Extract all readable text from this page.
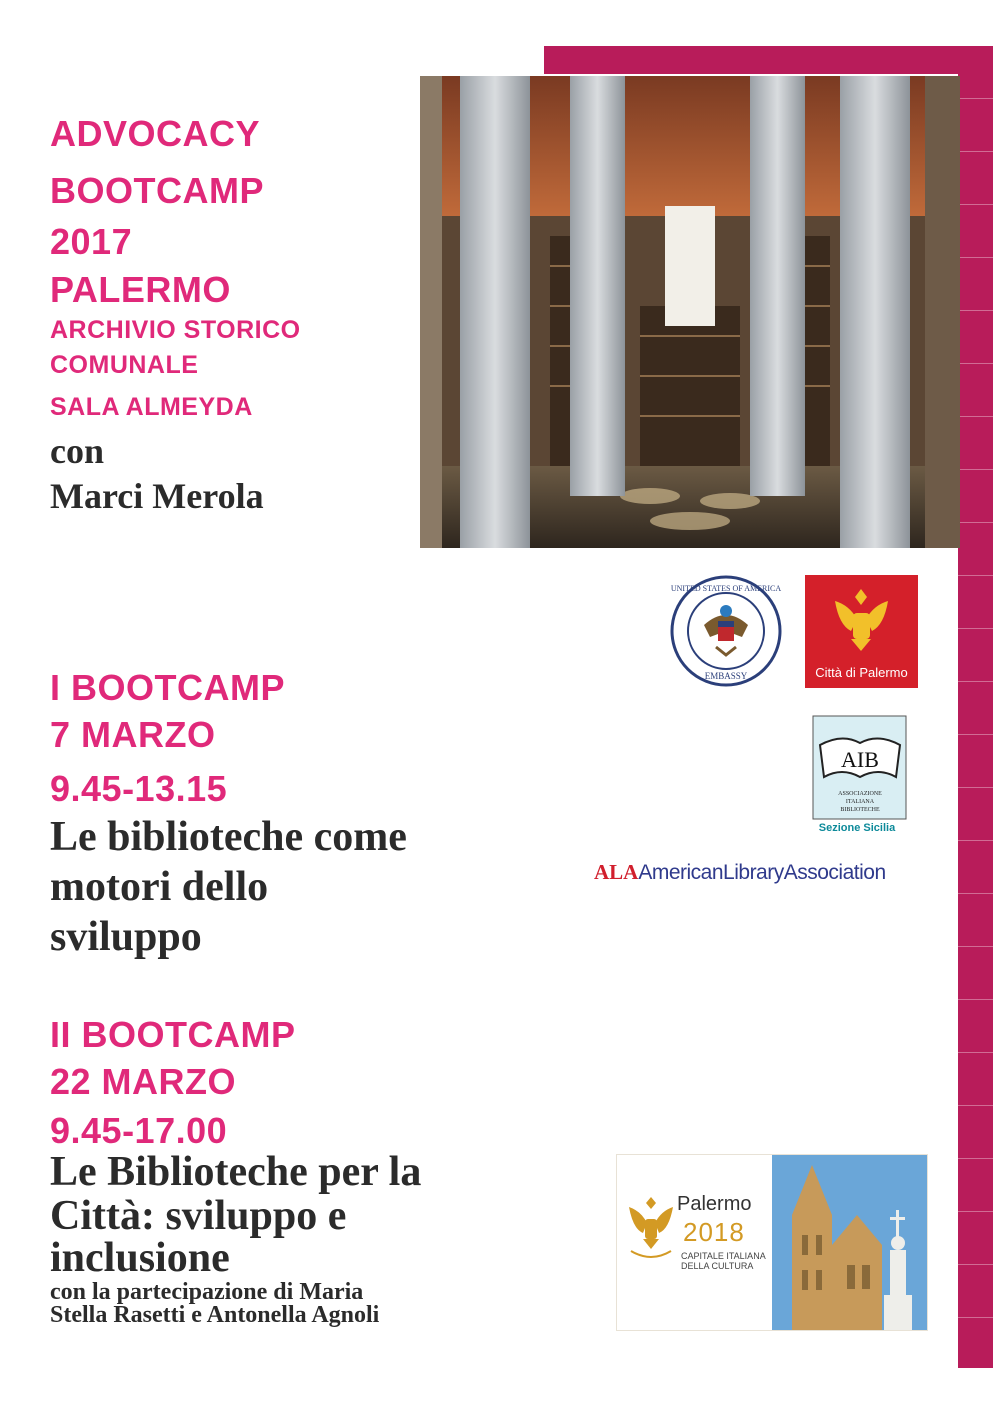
ADVOCACY
BOOTCAMP
2017
PALERMO
ARCHIVIO STORICO
COMUNALE
SALA ALMEYDA
con
Marci Merola
UNITED STATES OF AMERICA
EMBASSY	Città di Palermo
AIB
ASSOCIAZIONE
ITALIANA
BIBLIOTECHE
Sezione Sicilia
ALAAmericanLibraryAssociation
I BOOTCAMP
7 MARZO
9.45-13.15
Le biblioteche come
motori dello
sviluppo
II BOOTCAMP
22 MARZO
9.45-17.00
Le Biblioteche per la
Città: sviluppo e
inclusione
con la partecipazione di Maria
Stella Rasetti e Antonella Agnoli
Palermo
2018
CAPITALE ITALIANA
DELLA CULTURA
